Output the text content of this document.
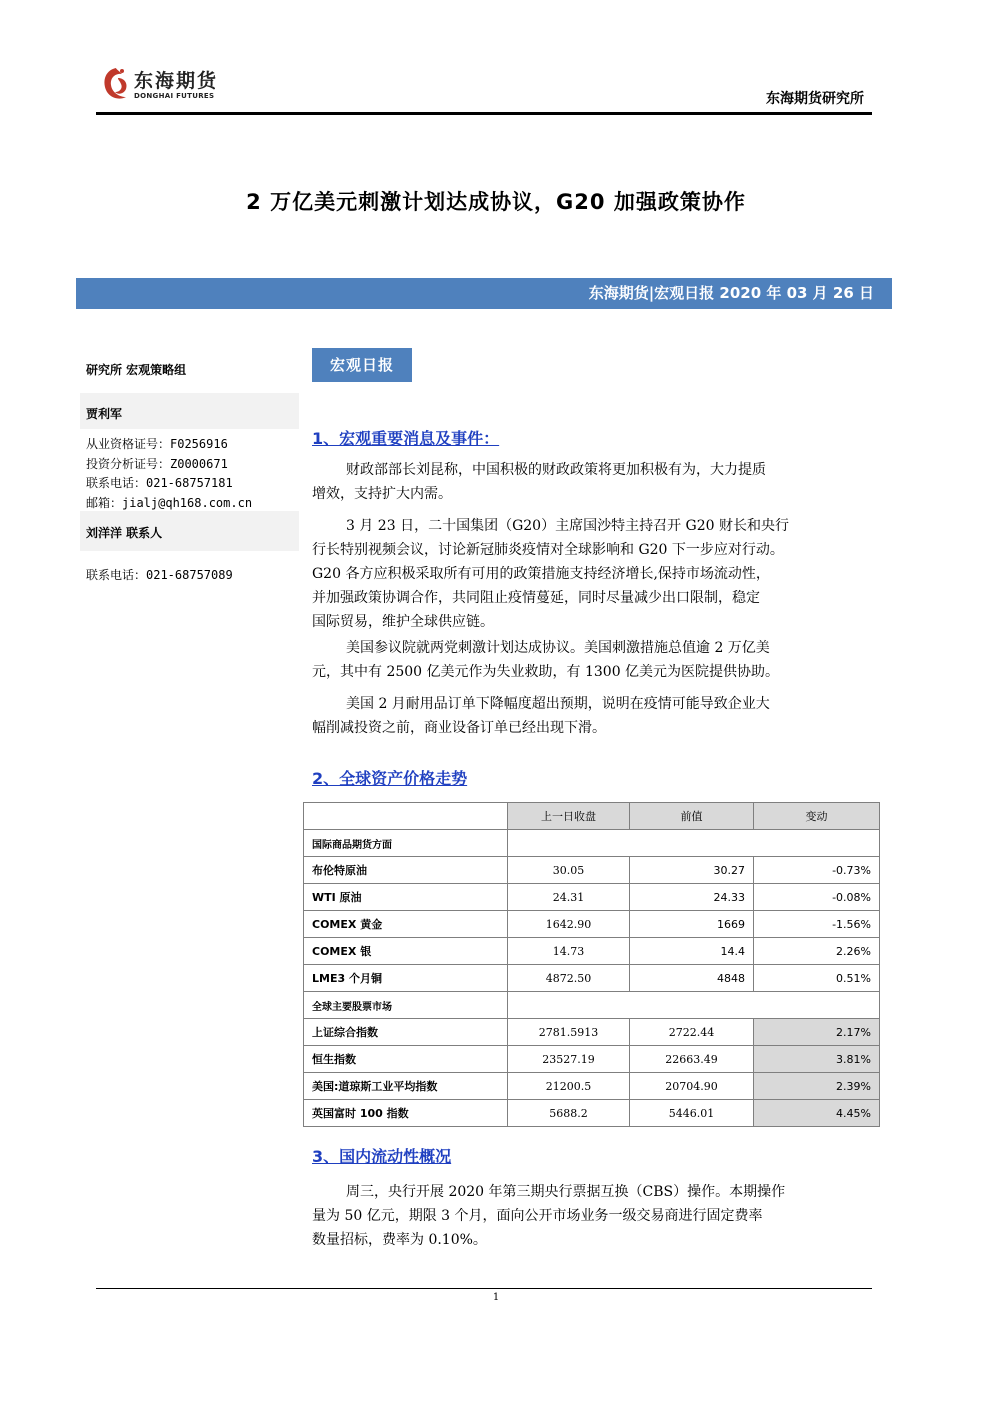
东海期货
DONGHAI FUTURES	东海期货研究所
2 万亿美元刺激计划达成协议，G20 加强政策协作
东海期货|宏观日报 2020 年 03 月 26 日
研究所 宏观策略组
贾利军
从业资格证号：F0256916
投资分析证号：Z0000671
联系电话：021-68757181
邮箱：jialj@qh168.com.cn
刘洋洋 联系人
联系电话：021-68757089
宏观日报
1、宏观重要消息及事件：
财政部部长刘昆称，中国积极的财政政策将更加积极有为，大力提质
增效，支持扩大内需。
3 月 23 日，二十国集团（G20）主席国沙特主持召开 G20 财长和央行
行长特别视频会议，讨论新冠肺炎疫情对全球影响和 G20 下一步应对行动。
G20 各方应积极采取所有可用的政策措施支持经济增长,保持市场流动性，
并加强政策协调合作，共同阻止疫情蔓延，同时尽量减少出口限制，稳定
国际贸易，维护全球供应链。
美国参议院就两党刺激计划达成协议。美国刺激措施总值逾 2 万亿美
元，其中有 2500 亿美元作为失业救助，有 1300 亿美元为医院提供协助。
美国 2 月耐用品订单下降幅度超出预期，说明在疫情可能导致企业大
幅削减投资之前，商业设备订单已经出现下滑。
2、全球资产价格走势
	上一日收盘	前值	变动
国际商品期货方面			
布伦特原油	30.05	30.27	-0.73%
WTI 原油	24.31	24.33	-0.08%
COMEX 黄金	1642.90	1669	-1.56%
COMEX 银	14.73	14.4	2.26%
LME3 个月铜	4872.50	4848	0.51%
全球主要股票市场			
上证综合指数	2781.5913	2722.44	2.17%
恒生指数	23527.19	22663.49	3.81%
美国:道琼斯工业平均指数	21200.5	20704.90	2.39%
英国富时 100 指数	5688.2	5446.01	4.45%
3、国内流动性概况
周三，央行开展 2020 年第三期央行票据互换（CBS）操作。本期操作
量为 50 亿元，期限 3 个月，面向公开市场业务一级交易商进行固定费率
数量招标，费率为 0.10%。
1
